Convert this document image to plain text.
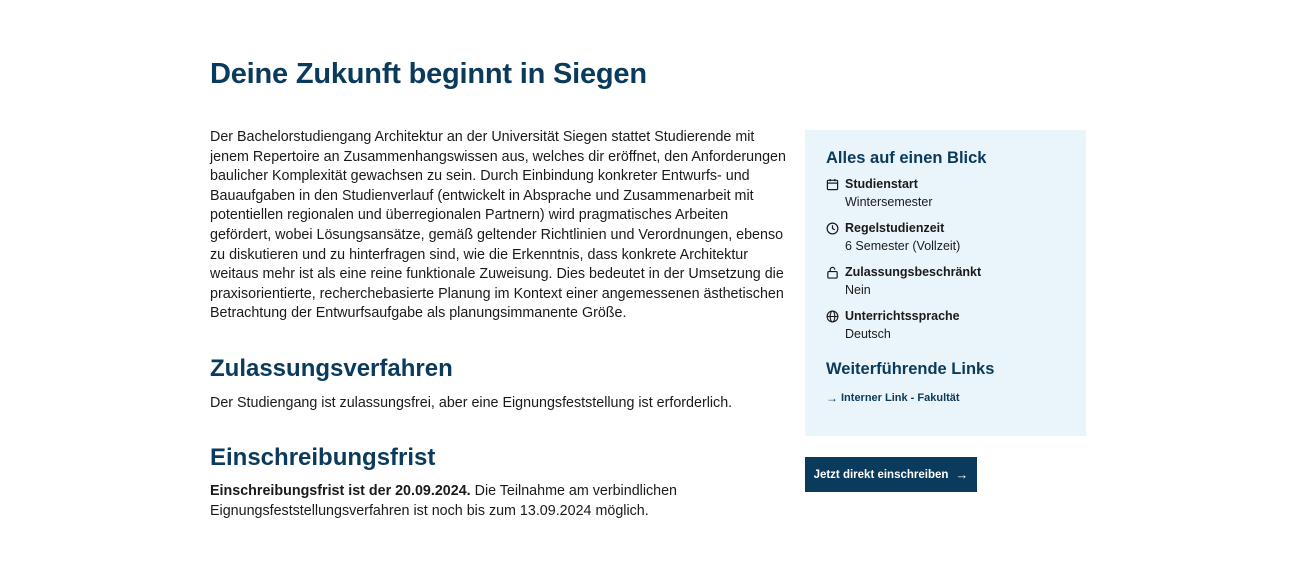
Deine Zukunft beginnt in Siegen

Der Bachelorstudiengang Architektur an der Universität Siegen stattet Studierende mit jenem Repertoire an Zusammenhangswissen aus, welches dir eröffnet, den Anforderungen baulicher Komplexität gewachsen zu sein. Durch Einbindung konkreter Entwurfs- und Bauaufgaben in den Studienverlauf (entwickelt in Absprache und Zusammenarbeit mit potentiellen regionalen und überregionalen Partnern) wird pragmatisches Arbeiten gefördert, wobei Lösungsansätze, gemäß geltender Richtlinien und Verordnungen, ebenso zu diskutieren und zu hinterfragen sind, wie die Erkenntnis, dass konkrete Architektur weitaus mehr ist als eine reine funktionale Zuweisung. Dies bedeutet in der Umsetzung die praxisorientierte, recherchebasierte Planung im Kontext einer angemessenen ästhetischen Betrachtung der Entwurfsaufgabe als planungsimmanente Größe.

Zulassungsverfahren

Der Studiengang ist zulassungsfrei, aber eine Eignungsfeststellung ist erforderlich.

Einschreibungsfrist

Einschreibungsfrist ist der 20.09.2024. Die Teilnahme am verbindlichen Eignungsfeststellungsverfahren ist noch bis zum 13.09.2024 möglich.

Alles auf einen Blick
Studienstart
Wintersemester
Regelstudienzeit
6 Semester (Vollzeit)
Zulassungsbeschränkt
Nein
Unterrichtssprache
Deutsch
Weiterführende Links
→ Interner Link - Fakultät
Jetzt direkt einschreiben →
